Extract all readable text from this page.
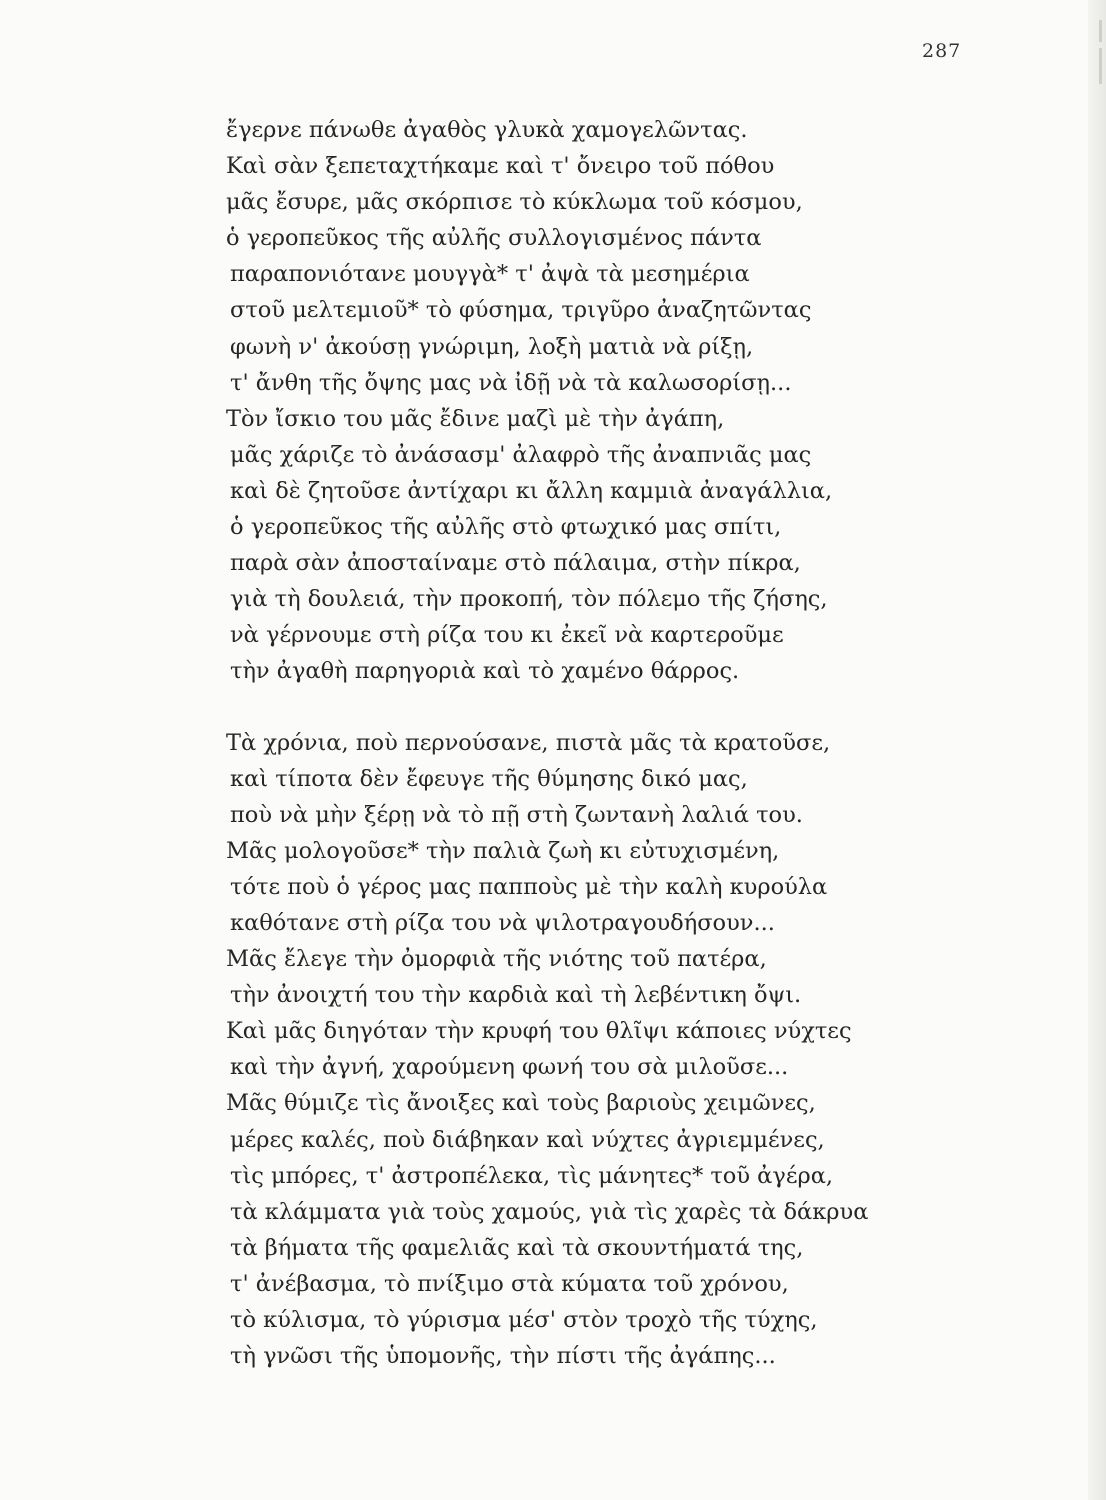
287
ἔγερνε πάνωθε ἀγαθὸς γλυκὰ χαμογελῶντας.
Καὶ σὰν ξεπεταχτήκαμε καὶ τ' ὄνειρο τοῦ πόθου
μᾶς ἔσυρε, μᾶς σκόρπισε τὸ κύκλωμα τοῦ κόσμου,
ὁ γεροπεῦκος τῆς αὐλῆς συλλογισμένος πάντα
παραπονιότανε μουγγὰ* τ' ἀψὰ τὰ μεσημέρια
στοῦ μελτεμιοῦ* τὸ φύσημα, τριγῦρο ἀναζητῶντας
φωνὴ ν' ἀκούσῃ γνώριμη, λοξὴ ματιὰ νὰ ρίξῃ,
τ' ἄνθη τῆς ὄψης μας νὰ ἰδῇ νὰ τὰ καλωσορίσῃ...
Τὸν ἴσκιο του μᾶς ἔδινε μαζὶ μὲ τὴν ἀγάπη,
μᾶς χάριζε τὸ ἀνάσασμ' ἀλαφρὸ τῆς ἀναπνιᾶς μας
καὶ δὲ ζητοῦσε ἀντίχαρι κι ἄλλη καμμιὰ ἀναγάλλια,
ὁ γεροπεῦκος τῆς αὐλῆς στὸ φτωχικό μας σπίτι,
παρὰ σὰν ἀποσταίναμε στὸ πάλαιμα, στὴν πίκρα,
γιὰ τὴ δουλειά, τὴν προκοπή, τὸν πόλεμο τῆς ζήσης,
νὰ γέρνουμε στὴ ρίζα του κι ἐκεῖ νὰ καρτεροῦμε
τὴν ἀγαθὴ παρηγοριὰ καὶ τὸ χαμένο θάρρος.
Τὰ χρόνια, ποὺ περνούσανε, πιστὰ μᾶς τὰ κρατοῦσε,
καὶ τίποτα δὲν ἔφευγε τῆς θύμησης δικό μας,
ποὺ νὰ μὴν ξέρῃ νὰ τὸ πῇ στὴ ζωντανὴ λαλιά του.
Μᾶς μολογοῦσε* τὴν παλιὰ ζωὴ κι εὐτυχισμένη,
τότε ποὺ ὁ γέρος μας παπποὺς μὲ τὴν καλὴ κυρούλα
καθότανε στὴ ρίζα του νὰ ψιλοτραγουδήσουν...
Μᾶς ἔλεγε τὴν ὀμορφιὰ τῆς νιότης τοῦ πατέρα,
τὴν ἀνοιχτή του τὴν καρδιὰ καὶ τὴ λεβέντικη ὄψι.
Καὶ μᾶς διηγόταν τὴν κρυφή του θλῖψι κάποιες νύχτες
καὶ τὴν ἀγνή, χαρούμενη φωνή του σὰ μιλοῦσε...
Μᾶς θύμιζε τὶς ἄνοιξες καὶ τοὺς βαριοὺς χειμῶνες,
μέρες καλές, ποὺ διάβηκαν καὶ νύχτες ἀγριεμμένες,
τὶς μπόρες, τ' ἀστροπέλεκα, τὶς μάνητες* τοῦ ἀγέρα,
τὰ κλάμματα γιὰ τοὺς χαμούς, γιὰ τὶς χαρὲς τὰ δάκρυα
τὰ βήματα τῆς φαμελιᾶς καὶ τὰ σκουντήματά της,
τ' ἀνέβασμα, τὸ πνίξιμο στὰ κύματα τοῦ χρόνου,
τὸ κύλισμα, τὸ γύρισμα μέσ' στὸν τροχὸ τῆς τύχης,
τὴ γνῶσι τῆς ὑπομονῆς, τὴν πίστι τῆς ἀγάπης...
